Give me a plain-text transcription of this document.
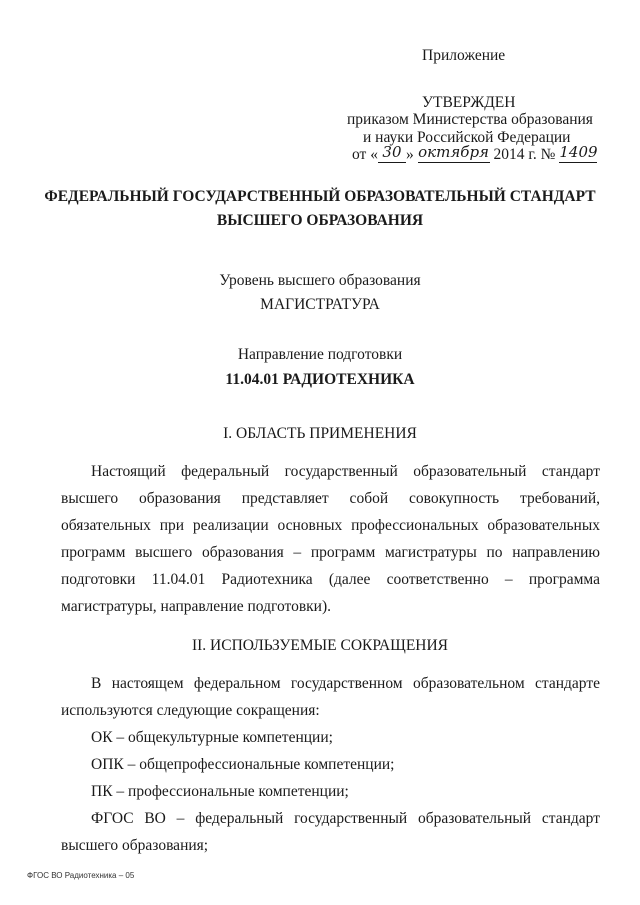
Приложение
УТВЕРЖДЕН
приказом Министерства образования
и науки Российской Федерации
от « 30 » октября 2014 г. № 1409
ФЕДЕРАЛЬНЫЙ ГОСУДАРСТВЕННЫЙ ОБРАЗОВАТЕЛЬНЫЙ СТАНДАРТ
ВЫСШЕГО ОБРАЗОВАНИЯ
Уровень высшего образования
МАГИСТРАТУРА
Направление подготовки
11.04.01 РАДИОТЕХНИКА
I. ОБЛАСТЬ ПРИМЕНЕНИЯ
Настоящий федеральный государственный образовательный стандарт высшего образования представляет собой совокупность требований, обязательных при реализации основных профессиональных образовательных программ высшего образования – программ магистратуры по направлению подготовки 11.04.01 Радиотехника (далее соответственно – программа магистратуры, направление подготовки).
II. ИСПОЛЬЗУЕМЫЕ СОКРАЩЕНИЯ
В настоящем федеральном государственном образовательном стандарте используются следующие сокращения:
ОК – общекультурные компетенции;
ОПК – общепрофессиональные компетенции;
ПК – профессиональные компетенции;
ФГОС ВО – федеральный государственный образовательный стандарт высшего образования;
ФГОС ВО Радиотехника – 05
